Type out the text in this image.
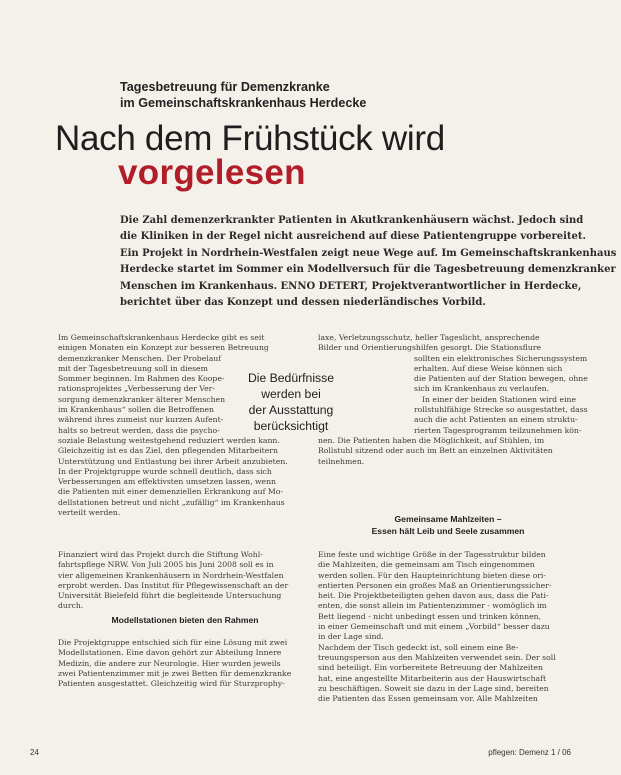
Tagesbetreuung für Demenzkranke
im Gemeinschaftskrankenhaus Herdecke
Nach dem Frühstück wird
vorgelesen
Die Zahl demenzerkrankter Patienten in Akutkrankenhäusern wächst. Jedoch sind
die Kliniken in der Regel nicht ausreichend auf diese Patientengruppe vorbereitet.
Ein Projekt in Nordrhein-Westfalen zeigt neue Wege auf. Im Gemeinschaftskrankenhaus
Herdecke startet im Sommer ein Modellversuch für die Tagesbetreuung demenzkranker
Menschen im Krankenhaus. ENNO DETERT, Projektverantwortlicher in Herdecke,
berichtet über das Konzept und dessen niederländisches Vorbild.
Im Gemeinschaftskrankenhaus Herdecke gibt es seit
einigen Monaten ein Konzept zur besseren Betreuung
demenzkranker Menschen. Der Probelauf
mit der Tagesbetreuung soll in diesem
Sommer beginnen. Im Rahmen des Koope-
rationsprojektes „Verbesserung der Ver-
sorgung demenzkranker älterer Menschen
im Krankenhaus“ sollen die Betroffenen
während ihres zumeist nur kurzen Aufent-
halts so betreut werden, dass die psycho-
soziale Belastung weitestgehend reduziert werden kann.
Gleichzeitig ist es das Ziel, den pflegenden Mitarbeitern
Unterstützung und Entlastung bei ihrer Arbeit anzubieten.
In der Projektgruppe wurde schnell deutlich, dass sich
Verbesserungen am effektivsten umsetzen lassen, wenn
die Patienten mit einer demenziellen Erkrankung auf Mo-
dellstationen betreut und nicht „zufällig“ im Krankenhaus
verteilt werden.
Die Bedürfnisse
werden bei
der Ausstattung
berücksichtigt
Finanziert wird das Projekt durch die Stiftung Wohl-
fahrtspflege NRW. Von Juli 2005 bis Juni 2008 soll es in
vier allgemeinen Krankenhäusern in Nordrhein-Westfalen
erprobt werden. Das Institut für Pflegewissenschaft an der
Universität Bielefeld führt die begleitende Untersuchung
durch.
Modellstationen bieten den Rahmen
Die Projektgruppe entschied sich für eine Lösung mit zwei
Modellstationen. Eine davon gehört zur Abteilung Innere
Medizin, die andere zur Neurologie. Hier wurden jeweils
zwei Patientenzimmer mit je zwei Betten für demenzkranke
Patienten ausgestattet. Gleichzeitig wird für Sturzprophy-
laxe, Verletzungsschutz, heller Tageslicht, ansprechende
Bilder und Orientierungshilfen gesorgt. Die Stationsflure
sollten ein elektronisches Sicherungssystem
erhalten. Auf diese Weise können sich
die Patienten auf der Station bewegen, ohne
sich im Krankenhaus zu verlaufen.
In einer der beiden Stationen wird eine
rollstuhlfähige Strecke so ausgestattet, dass
auch die acht Patienten an einem struktu-
rierten Tagesprogramm teilzunehmen kön-
nen. Die Patienten haben die Möglichkeit, auf Stühlen, im
Rollstuhl sitzend oder auch im Bett an einzelnen Aktivitäten
teilnehmen.
Gemeinsame Mahlzeiten –
Essen hält Leib und Seele zusammen
Eine feste und wichtige Größe in der Tagesstruktur bilden
die Mahlzeiten, die gemeinsam am Tisch eingenommen
werden sollen. Für den Haupteinrichtung bieten diese ori-
entierten Personen ein großes Maß an Orientierungssicher-
heit. Die Projektbeteiligten gehen davon aus, dass die Pati-
enten, die sonst allein im Patientenzimmer - womöglich im
Bett liegend - nicht unbedingt essen und trinken können,
in einer Gemeinschaft und mit einem „Vorbild“ besser dazu
in der Lage sind.
Nachdem der Tisch gedeckt ist, soll einem eine Be-
treuungsperson aus den Mahlzeiten verwendet sein. Der soll
sind beteiligt. Ein vorbereitete Betreuung der Mahlzeiten
hat, eine angestellte Mitarbeiterin aus der Hauswirtschaft
zu beschäftigen. Soweit sie dazu in der Lage sind, bereiten
die Patienten das Essen gemeinsam vor. Alle Mahlzeiten
24	pflegen: Demenz 1 / 06
